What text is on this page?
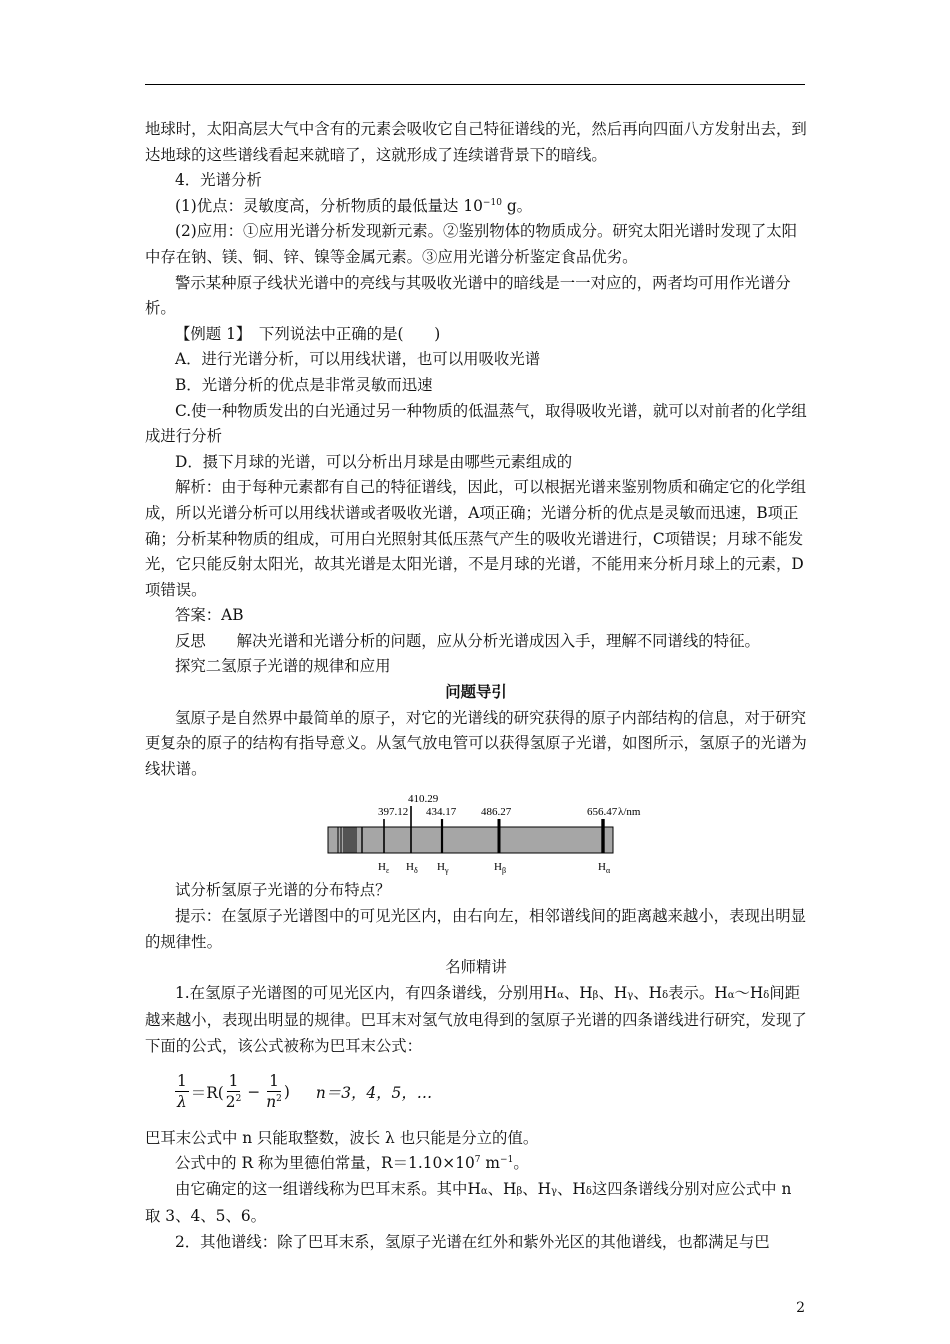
地球时，太阳高层大气中含有的元素会吸收它自己特征谱线的光，然后再向四面八方发射出去，到达地球的这些谱线看起来就暗了，这就形成了连续谱背景下的暗线。

4．光谱分析

(1)优点：灵敏度高，分析物质的最低量达 $10^{-10}$ g。

(2)应用：①应用光谱分析发现新元素。②鉴别物体的物质成分。研究太阳光谱时发现了太阳中存在钠、镁、铜、锌、镍等金属元素。③应用光谱分析鉴定食品优劣。

警示某种原子线状光谱中的亮线与其吸收光谱中的暗线是一一对应的，两者均可用作光谱分析。

【例题 1】　下列说法中正确的是(　　)

A．进行光谱分析，可以用线状谱，也可以用吸收光谱

B．光谱分析的优点是非常灵敏而迅速

C.使一种物质发出的白光通过另一种物质的低温蒸气，取得吸收光谱，就可以对前者的化学组成进行分析

D．摄下月球的光谱，可以分析出月球是由哪些元素组成的

解析：由于每种元素都有自己的特征谱线，因此，可以根据光谱来鉴别物质和确定它的化学组成，所以光谱分析可以用线状谱或者吸收光谱，A项正确；光谱分析的优点是灵敏而迅速，B项正确；分析某种物质的组成，可用白光照射其低压蒸气产生的吸收光谱进行，C项错误；月球不能发光，它只能反射太阳光，故其光谱是太阳光谱，不是月球的光谱，不能用来分析月球上的元素，D项错误。

答案：AB

反思　　解决光谱和光谱分析的问题，应从分析光谱成因入手，理解不同谱线的特征。

探究二氢原子光谱的规律和应用

问题导引

氢原子是自然界中最简单的原子，对它的光谱线的研究获得的原子内部结构的信息，对于研究更复杂的原子的结构有指导意义。从氢气放电管可以获得氢原子光谱，如图所示，氢原子的光谱为线状谱。

397.12
410.29
434.17 486.27	656.47 λ/nm
$H_\varepsilon$ $H_\delta$ $H_\gamma$	$H_\beta$	$H_\alpha$

试分析氢原子光谱的分布特点？

提示：在氢原子光谱图中的可见光区内，由右向左，相邻谱线间的距离越来越小，表现出明显的规律性。

名师精讲

1.在氢原子光谱图的可见光区内，有四条谱线，分别用Hα、Hβ、Hγ、Hδ表示。Hα～Hδ间距越来越小，表现出明显的规律。巴耳末对氢气放电得到的氢原子光谱的四条谱线进行研究，发现了下面的公式，该公式被称为巴耳末公式：

$\frac{1}{\lambda} =R( \frac{1}{2^2} - \frac{1}{n^2}$ ) n＝3，4，5，…

巴耳末公式中 n 只能取整数，波长 λ 也只能是分立的值。

公式中的 R 称为里德伯常量，$R=1.10\times 10^7$ $m^{-1}$。

由它确定的这一组谱线称为巴耳末系。其中Hα、Hβ、Hγ、Hδ这四条谱线分别对应公式中 n 取 3、4、5、6。

2．其他谱线：除了巴耳末系，氢原子光谱在红外和紫外光区的其他谱线，也都满足与巴

2
